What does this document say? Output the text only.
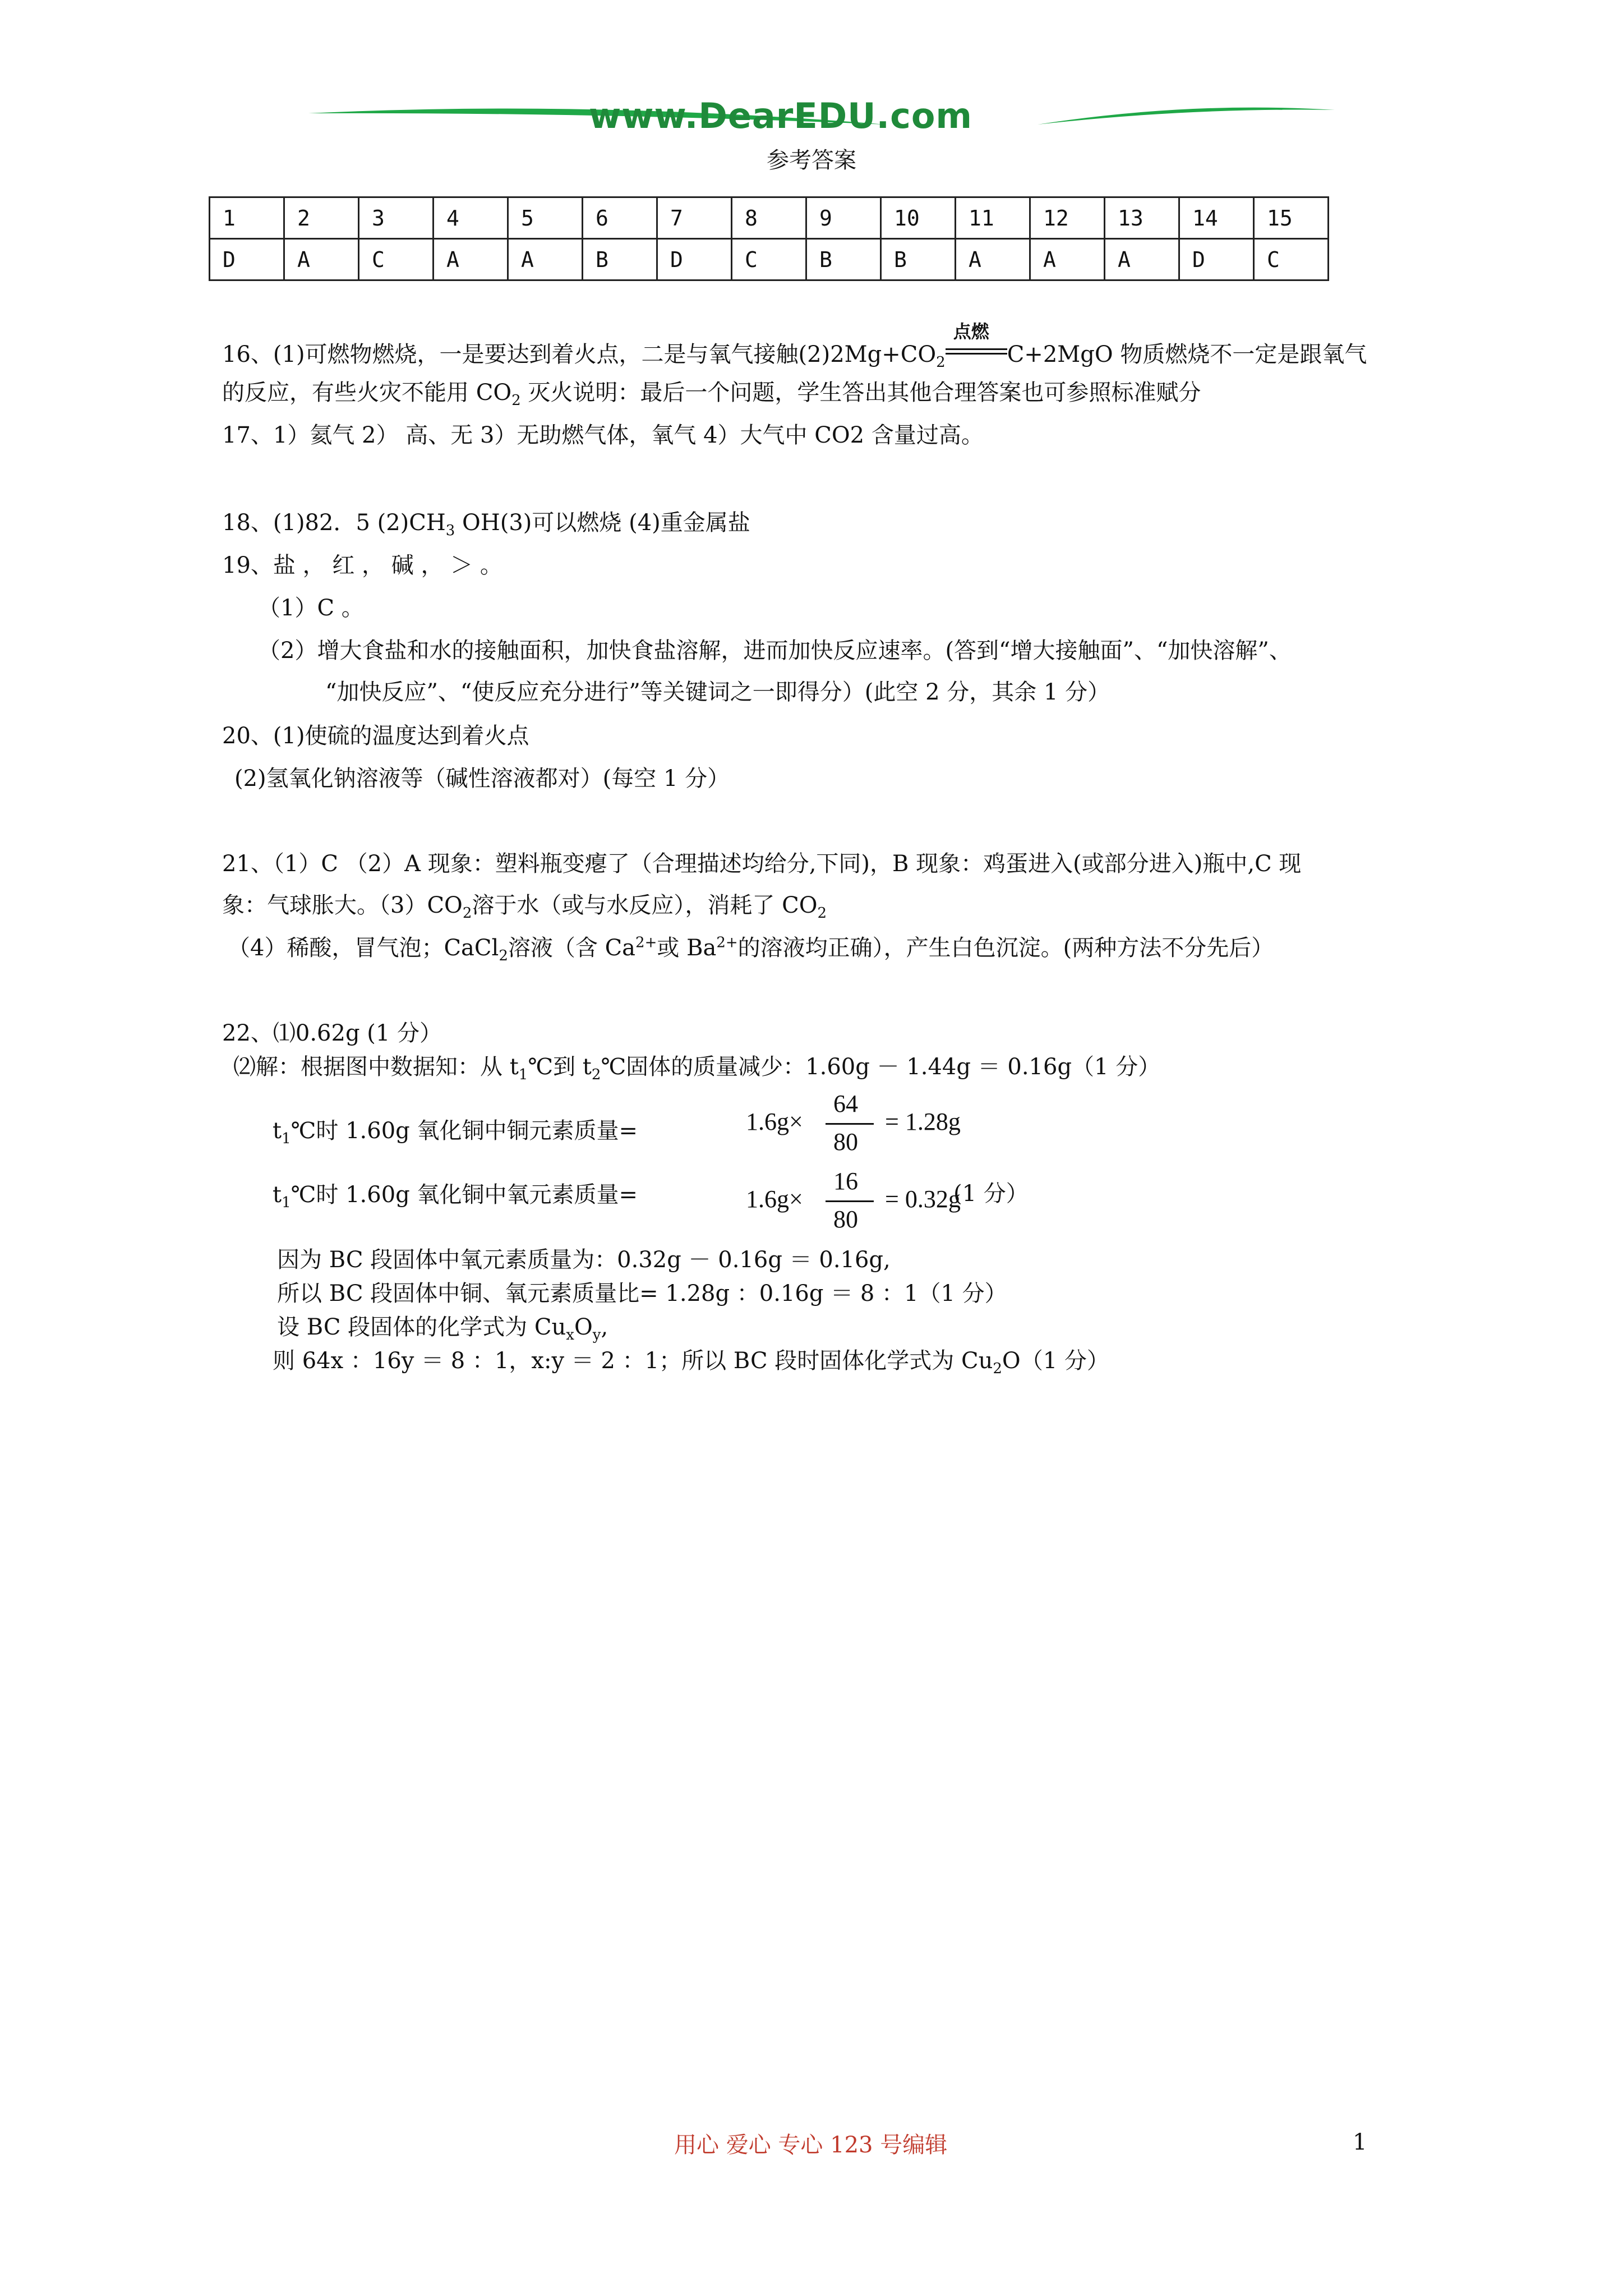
www.DearEDU.com
参考答案
1	2	3	4	5	6	7	8	9	10	11	12	13	14	15
D	A	C	A	A	B	D	C	B	B	A	A	A	D	C
16、(1)可燃物燃烧，一是要达到着火点，二是与氧气接触$(2)2Mg+CO_2$
点燃
C+2MgO 物质燃烧不一定是跟氧气
的反应，有些火灾不能用 $CO_2$ 灭火说明：最后一个问题，学生答出其他合理答案也可参照标准赋分
17、1）氦气 2） 高、无 3）无助燃气体，氧气 4）大气中 CO2 含量过高。
18、(1)82．5 $(2)CH_3$ OH(3)可以燃烧 (4)重金属盐
19、盐 ， 红 ， 碱 ， ＞ 。
（1）C 。
（2）增大食盐和水的接触面积，加快食盐溶解，进而加快反应速率。(答到“增大接触面”、“加快溶解”、
“加快反应”、“使反应充分进行”等关键词之一即得分）(此空 2 分，其余 1 分）
20、(1)使硫的温度达到着火点
(2)氢氧化钠溶液等（碱性溶液都对）(每空 1 分）
21、（1）C （2）A 现象：塑料瓶变瘪了（合理描述均给分,下同)，B 现象：鸡蛋进入(或部分进入)瓶中,C 现
象：气球胀大。$(3)CO_2$溶于水（或与水反应），消耗了 $CO_2$
（4）稀酸，冒气泡；CaCl$_2$溶液（含 $Ca^{2+}$或 $Ba^{2+}$的溶液均正确），产生白色沉淀。(两种方法不分先后）
22、⑴0.62g (1 分）
⑵解：根据图中数据知：从 $t_1℃$到 $t_2℃$固体的质量减少：1.60g － 1.44g ＝ 0.16g（1 分）
$t_1℃$时 1.60g 氧化铜中铜元素质量=	1.6g×
64
80
= 1.28g
$t_1℃$时 1.60g 氧化铜中氧元素质量=	1.6g×
16
80
= 0.32g
(1 分）
因为 BC 段固体中氧元素质量为：0.32g － 0.16g ＝ 0.16g,
所以 BC 段固体中铜、氧元素质量比= 1.28g ：0.16g ＝ 8 ：1（1 分）
设 BC 段固体的化学式为 $Cu_xO_y$,
则 64x ：16y ＝ 8 ：1，x:y ＝ 2 ：1；所以 BC 段时固体化学式为 $Cu_2O(1$ 分）
用心 爱心 专心 123 号编辑	1
